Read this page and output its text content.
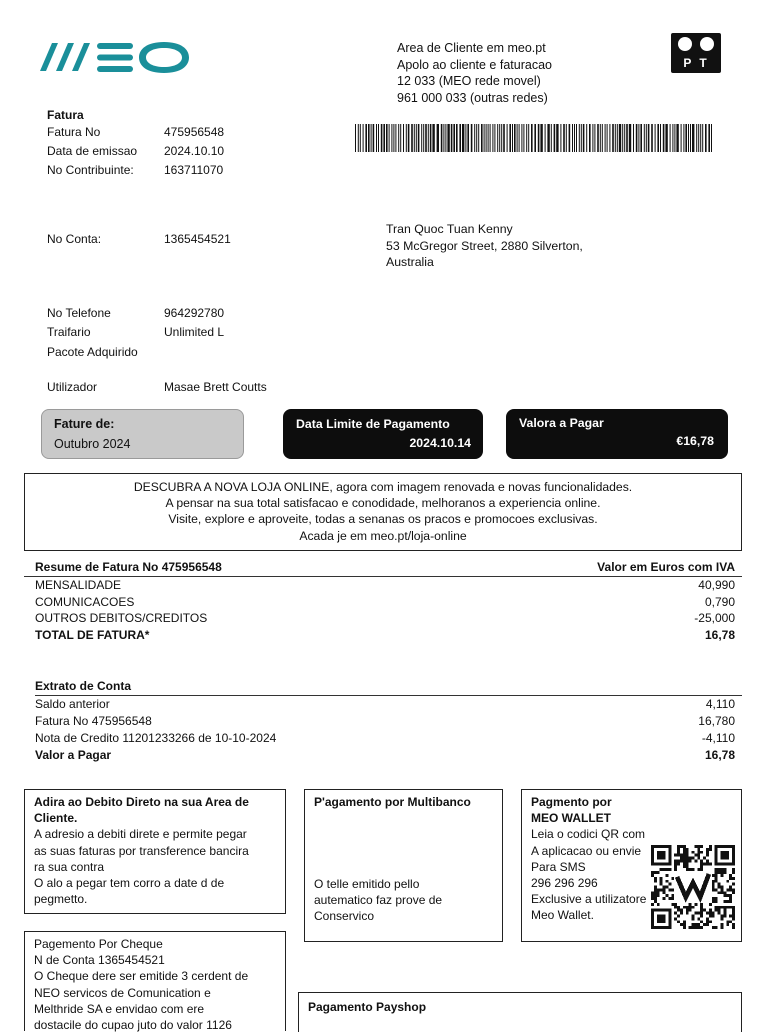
Area de Cliente em meo.pt
Apolo ao cliente e faturacao
12 033 (MEO rede movel)
961 000 033 (outras redes)
PT
Fatura
Fatura No	475956548
Data de emissao 2024.10.10
No Contribuinte:	163711070
No Conta:	1365454521
Tran Quoc Tuan Kenny
53 McGregor Street, 2880 Silverton,
Australia
No Telefone	964292780
Traifario	Unlimited L
Pacote Adquirido
Utilizador	Masae Brett Coutts
Fature de:
Outubro 2024
Data Limite de Pagamento
2024.10.14
Valora a Pagar
€16,78
DESCUBRA A NOVA LOJA ONLINE, agora com imagem renovada e novas funcionalidades.
A pensar na sua total satisfacao e conodidade, melhoranos a experiencia online.
Visite, explore e aproveite, todas a senanas os pracos e promocoes exclusivas.
Acada je em meo.pt/loja-online
Resume de Fatura No 475956548	Valor em Euros com IVA
MENSALIDADE	40,990
COMUNICACOES	0,790
OUTROS DEBITOS/CREDITOS	-25,000
TOTAL DE FATURA*	16,78
Extrato de Conta
Saldo anterior	4,110
Fatura No 475956548	16,780
Nota de Credito 11201233266 de 10-10-2024	-4,110
Valor a Pagar	16,78
Adira ao Debito Direto na sua Area de
Cliente.
A adresio a debiti direte e permite pegar
as suas faturas por transference bancira
ra sua contra
O alo a pegar tem corro a date d de
pegmetto.
P'agamento por Multibanco
O telle emitido pello
autematico faz prove de
Conservico
Pagmento por
MEO WALLET
Leia o codici QR com
A aplicacao ou envie
Para SMS
296 296 296
Exclusive a utilizatore
Meo Wallet.
Pagemento Por Cheque
N de Conta 1365454521
O Cheque dere ser emitide 3 cerdent de
NEO servicos de Comunication e
Melthride SA e envidao com ere
dostacile do cupao juto do valor 1126
Pagamento Payshop
